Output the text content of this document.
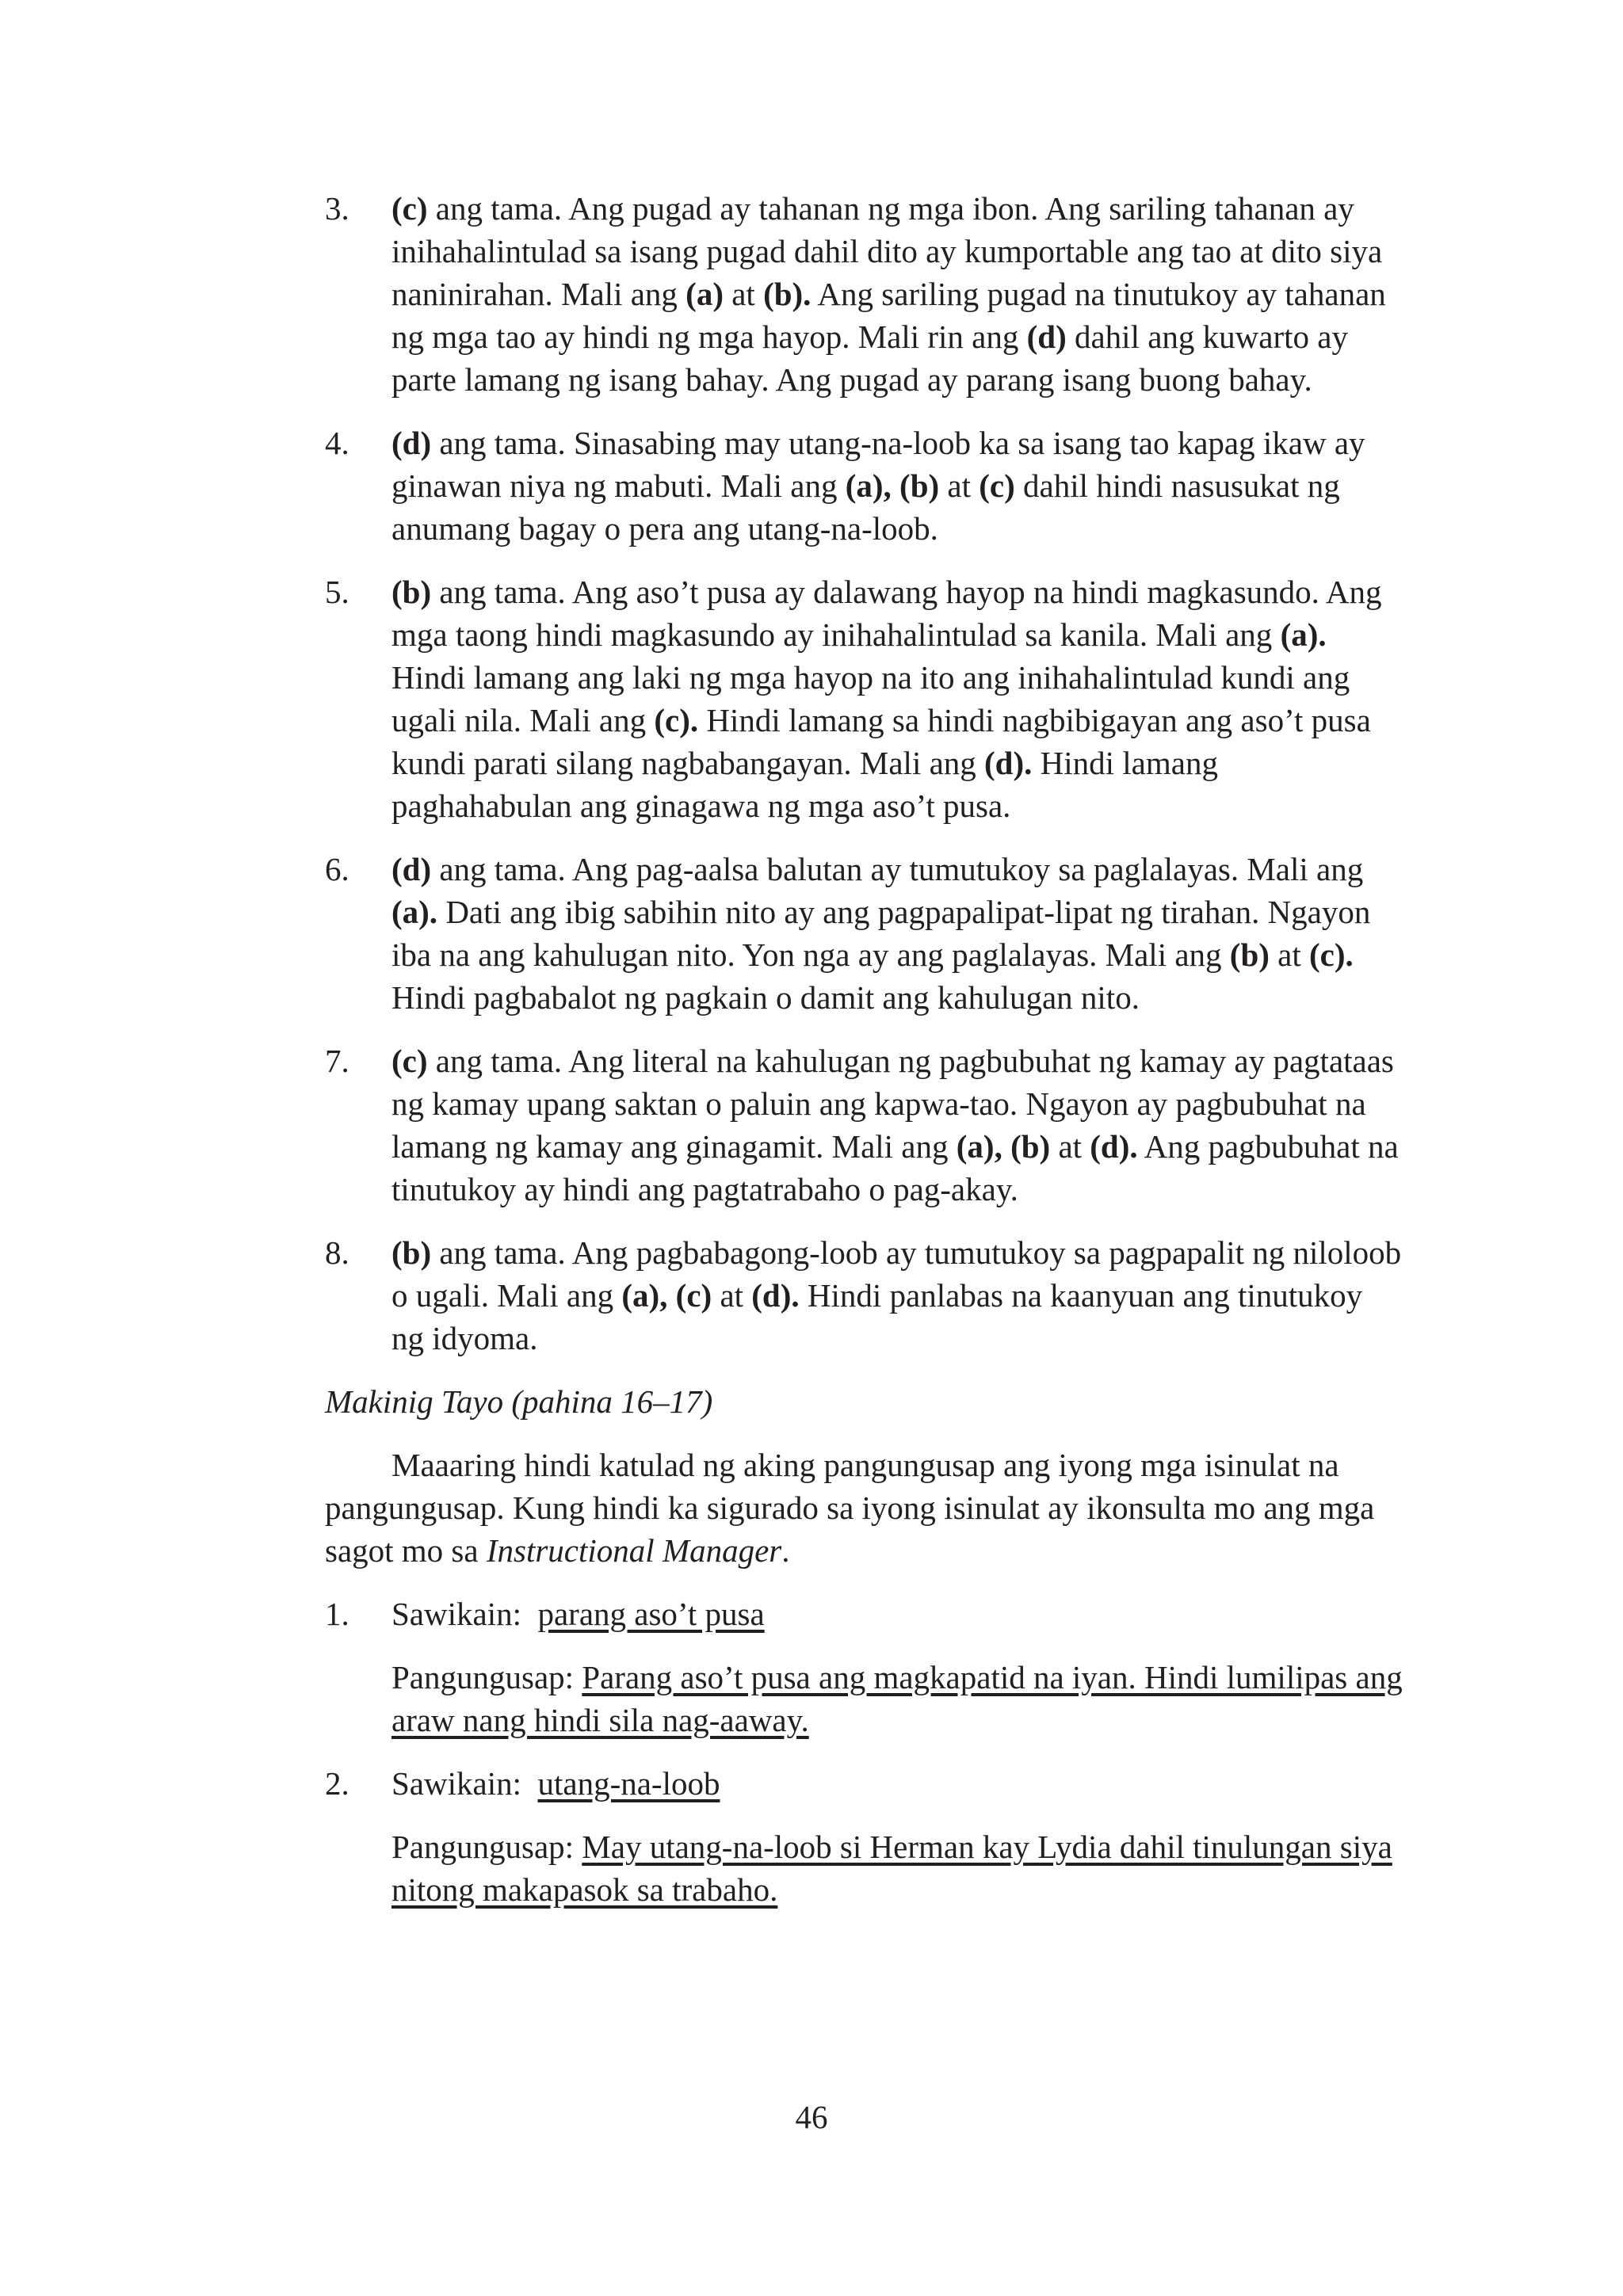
3. (c) ang tama. Ang pugad ay tahanan ng mga ibon. Ang sariling tahanan ay inihahalintulad sa isang pugad dahil dito ay kumportable ang tao at dito siya naninirahan. Mali ang (a) at (b). Ang sariling pugad na tinutukoy ay tahanan ng mga tao ay hindi ng mga hayop. Mali rin ang (d) dahil ang kuwarto ay parte lamang ng isang bahay. Ang pugad ay parang isang buong bahay.

4. (d) ang tama. Sinasabing may utang-na-loob ka sa isang tao kapag ikaw ay ginawan niya ng mabuti. Mali ang (a), (b) at (c) dahil hindi nasusukat ng anumang bagay o pera ang utang-na-loob.

5. (b) ang tama. Ang aso’t pusa ay dalawang hayop na hindi magkasundo. Ang mga taong hindi magkasundo ay inihahalintulad sa kanila. Mali ang (a). Hindi lamang ang laki ng mga hayop na ito ang inihahalintulad kundi ang ugali nila. Mali ang (c). Hindi lamang sa hindi nagbibigayan ang aso’t pusa kundi parati silang nagbabangayan. Mali ang (d). Hindi lamang paghahabulan ang ginagawa ng mga aso’t pusa.

6. (d) ang tama. Ang pag-aalsa balutan ay tumutukoy sa paglalayas. Mali ang (a). Dati ang ibig sabihin nito ay ang pagpapalipat-lipat ng tirahan. Ngayon iba na ang kahulugan nito. Yon nga ay ang paglalayas. Mali ang (b) at (c). Hindi pagbabalot ng pagkain o damit ang kahulugan nito.

7. (c) ang tama. Ang literal na kahulugan ng pagbubuhat ng kamay ay pagtataas ng kamay upang saktan o paluin ang kapwa-tao. Ngayon ay pagbubuhat na lamang ng kamay ang ginagamit. Mali ang (a), (b) at (d). Ang pagbubuhat na tinutukoy ay hindi ang pagtatrabaho o pag-akay.

8. (b) ang tama. Ang pagbabagong-loob ay tumutukoy sa pagpapalit ng niloloob o ugali. Mali ang (a), (c) at (d). Hindi panlabas na kaanyuan ang tinutukoy ng idyoma.

Makinig Tayo (pahina 16–17)

Maaaring hindi katulad ng aking pangungusap ang iyong mga isinulat na pangungusap. Kung hindi ka sigurado sa iyong isinulat ay ikonsulta mo ang mga sagot mo sa Instructional Manager.

1. Sawikain: parang aso’t pusa

Pangungusap: Parang aso’t pusa ang magkapatid na iyan. Hindi lumilipas ang araw nang hindi sila nag-aaway.

2. Sawikain: utang-na-loob

Pangungusap: May utang-na-loob si Herman kay Lydia dahil tinulungan siya nitong makapasok sa trabaho.

46
